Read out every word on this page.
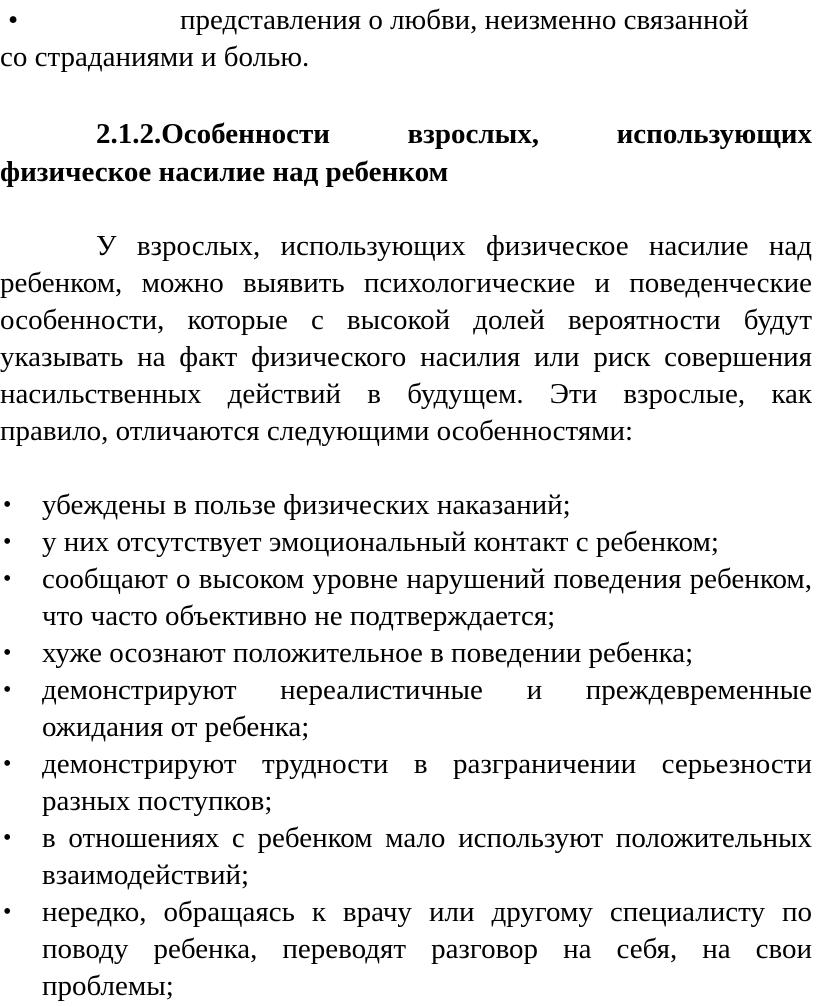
•	представления о любви, неизменно связанной
со страданиями и болью.
2.1.2.Особенности взрослых, использующих физическое насилие над ребенком

У взрослых, использующих физическое насилие над ребенком, можно выявить психологические и поведенческие особенности, которые с высокой долей вероятности будут указывать на факт физического насилия или риск совершения насильственных действий в будущем. Эти взрослые, как правило, отличаются следующими особенностями:

• убеждены в пользе физических наказаний;
• у них отсутствует эмоциональный контакт с ребенком;
• сообщают о высоком уровне нарушений поведения ребенком, что часто объективно не подтверждается;
• хуже осознают положительное в поведении ребенка;
• демонстрируют нереалистичные и преждевременные ожидания от ребенка;
• демонстрируют трудности в разграничении серьезности разных поступков;
• в отношениях с ребенком мало используют положительных взаимодействий;
• нередко, обращаясь к врачу или другому специалисту по поводу ребенка, переводят разговор на себя, на свои проблемы;
